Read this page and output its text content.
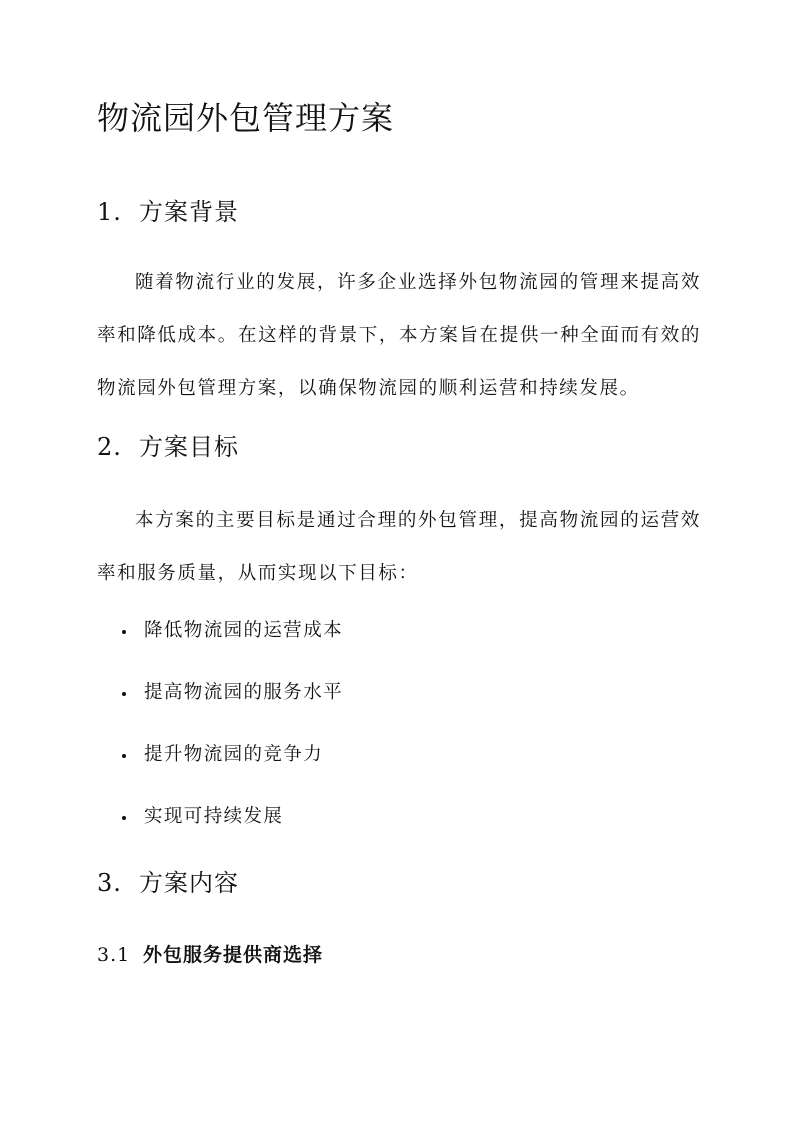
物流园外包管理方案
1. 方案背景

随着物流行业的发展，许多企业选择外包物流园的管理来提高效率和降低成本。在这样的背景下，本方案旨在提供一种全面而有效的物流园外包管理方案，以确保物流园的顺利运营和持续发展。

2. 方案目标

本方案的主要目标是通过合理的外包管理，提高物流园的运营效率和服务质量，从而实现以下目标：

降低物流园的运营成本
提高物流园的服务水平
提升物流园的竞争力
实现可持续发展
3. 方案内容
3.1 外包服务提供商选择
